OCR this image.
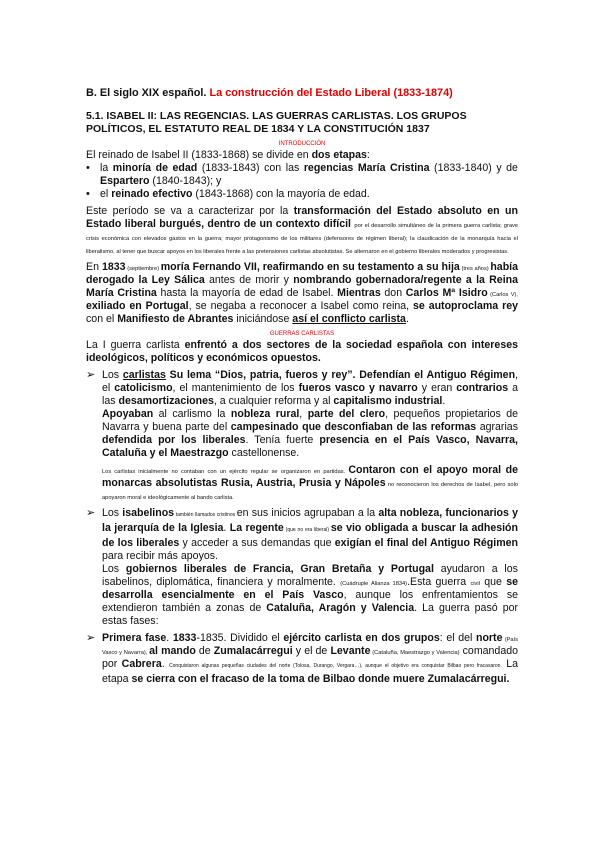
B. El siglo XIX español. La construcción del Estado Liberal (1833-1874)

5.1. ISABEL II: LAS REGENCIAS. LAS GUERRAS CARLISTAS. LOS GRUPOS POLÍTICOS, EL ESTATUTO REAL DE 1834 Y LA CONSTITUCIÓN 1837

INTRODUCCIÓN

El reinado de Isabel II (1833-1868) se divide en dos etapas:

• la minoría de edad (1833-1843) con las regencias María Cristina (1833-1840) y de Espartero (1840-1843); y

• el reinado efectivo (1843-1868) con la mayoría de edad.

Este período se va a caracterizar por la transformación del Estado absoluto en un Estado liberal burgués, dentro de un contexto difícil por el desarrollo simultáneo de la primera guerra carlista; grave crisis económica con elevados gastos en la guerra; mayor protagonismo de los militares (defensores de régimen liberal); la claudicación de la monarquía hacia el liberalismo, al tener que buscar apoyos en los liberales frente a las pretensiones carlistas absolutistas. Se alternaron en el gobierno liberales moderados y progresistas.

En 1833 (septiembre) moría Fernando VII, reafirmando en su testamento a su hija (tres años) había derogado la Ley Sálica antes de morir y nombrando gobernadora/regente a la Reina María Cristina hasta la mayoría de edad de Isabel. Mientras don Carlos Mª Isidro (Carlos V), exiliado en Portugal, se negaba a reconocer a Isabel como reina, se autoproclama rey con el Manifiesto de Abrantes iniciándose así el conflicto carlista.

GUERRAS CARLISTAS

La I guerra carlista enfrentó a dos sectores de la sociedad española con intereses ideológicos, políticos y económicos opuestos.

➢ Los carlistas Su lema “Dios, patria, fueros y rey”. Defendían el Antiguo Régimen, el catolicismo, el mantenimiento de los fueros vasco y navarro y eran contrarios a las desamortizaciones, a cualquier reforma y al capitalismo industrial.

Apoyaban al carlismo la nobleza rural, parte del clero, pequeños propietarios de Navarra y buena parte del campesinado que desconfiaban de las reformas agrarias defendida por los liberales. Tenía fuerte presencia en el País Vasco, Navarra, Cataluña y el Maestrazgo castellonense.

Los carlistas inicialmente no contaban con un ejército regular se organizaron en partidas. Contaron con el apoyo moral de monarcas absolutistas Rusia, Austria, Prusia y Nápoles no reconocieron los derechos de Isabel, pero solo apoyaron moral e ideológicamente al bando carlista.

➢ Los isabelinos también llamados cristinos en sus inicios agrupaban a la alta nobleza, funcionarios y la jerarquía de la Iglesia. La regente (que no era liberal) se vio obligada a buscar la adhesión de los liberales y acceder a sus demandas que exigían el final del Antiguo Régimen para recibir más apoyos.

Los gobiernos liberales de Francia, Gran Bretaña y Portugal ayudaron a los isabelinos, diplomática, financiera y moralmente. (Cuádruple Alianza 1834).Esta guerra civil que se desarrolla esencialmente en el País Vasco, aunque los enfrentamientos se extendieron también a zonas de Cataluña, Aragón y Valencia. La guerra pasó por estas fases:

➢ Primera fase. 1833-1835. Dividido el ejército carlista en dos grupos: el del norte (País Vasco y Navarra), al mando de Zumalacárregui y el de Levante (Cataluña, Maestrazgo y Valencia) comandado por Cabrera. Conquistaron algunas pequeñas ciudades del norte (Tolosa, Durango, Vergara…), aunque el objetivo era conquistar Bilbao pero fracasaron. La etapa se cierra con el fracaso de la toma de Bilbao donde muere Zumalacárregui.
